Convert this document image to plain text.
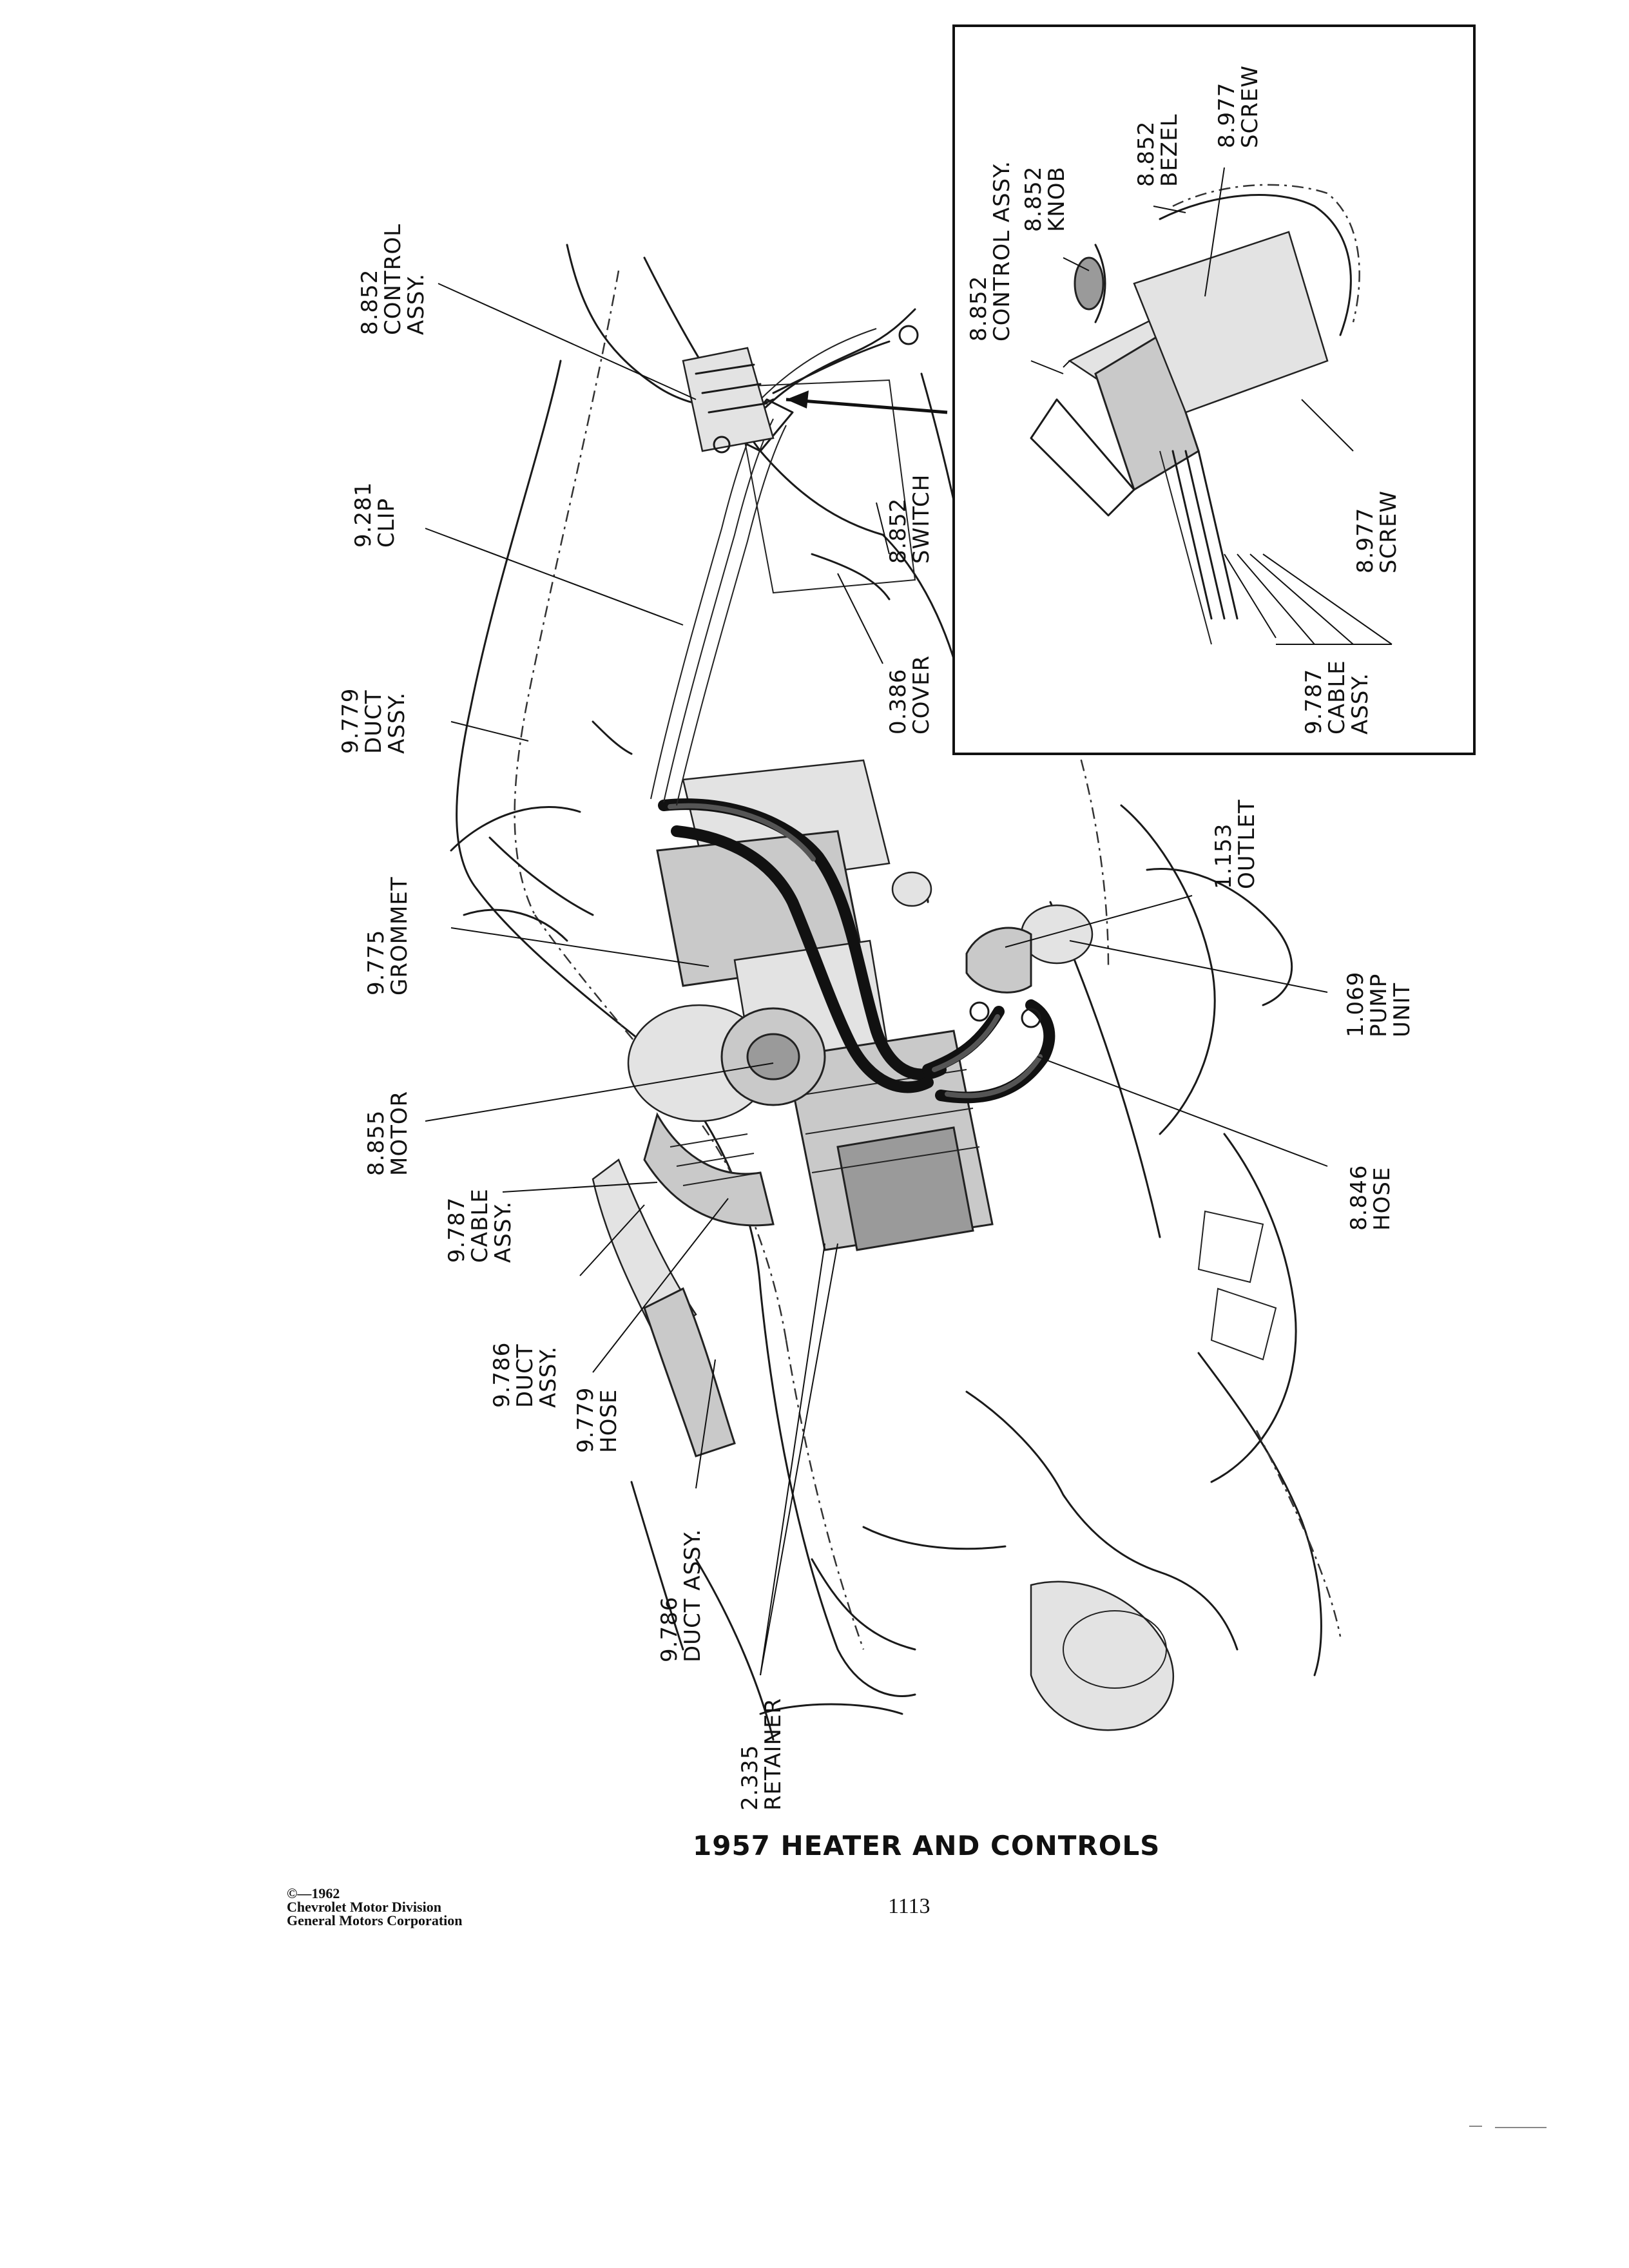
8.852
CONTROL
ASSY.
9.281
CLIP
9.779
DUCT
ASSY.
9.775
GROMMET
8.855
MOTOR
9.787
CABLE
ASSY.
9.786
DUCT
ASSY.
9.779
HOSE
9.786
DUCT ASSY.
2.335
RETAINER
8.852
SWITCH
0.386
COVER
1.153
OUTLET
1.069
PUMP
UNIT
8.846
HOSE
8.852
CONTROL ASSY. 8.852
KNOB
8.852
BEZEL 8.977
SCREW
8.977
SCREW
9.787
CABLE
ASSY.
1957 HEATER AND CONTROLS
1113
©—1962
Chevrolet Motor Division
General Motors Corporation
